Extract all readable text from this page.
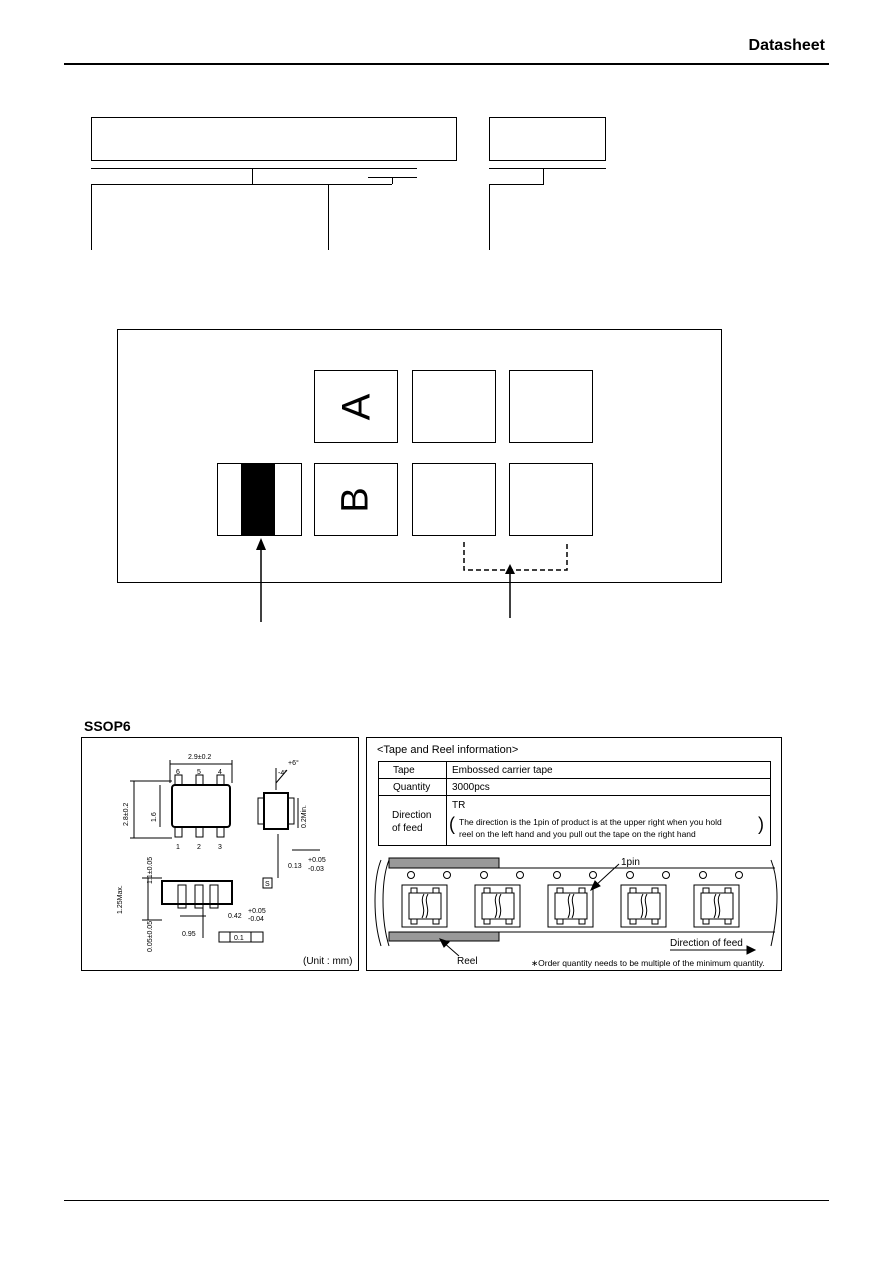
Datasheet
A
B
SSOP6
2.9±0.2
6 5 4
1 2 3
2.8±0.2	1.6
+6°
-4°
0.2Min.
0.13
+0.05
-0.03
1.25Max.
1.1±0.05
0.05±0.05	0.95
0.42
+0.05
-0.04
0.1
S
(Unit : mm)
<Tape and Reel information>
Tape	Embossed carrier tape
Quantity 3000pcs
Direction
of feed
TR
( The direction is the 1pin of product is at the upper right when you hold
reel on the left hand and you pull out the tape on the right hand	)
1pin
Direction of feed
Reel	∗Order quantity needs to be multiple of the minimum quantity.
